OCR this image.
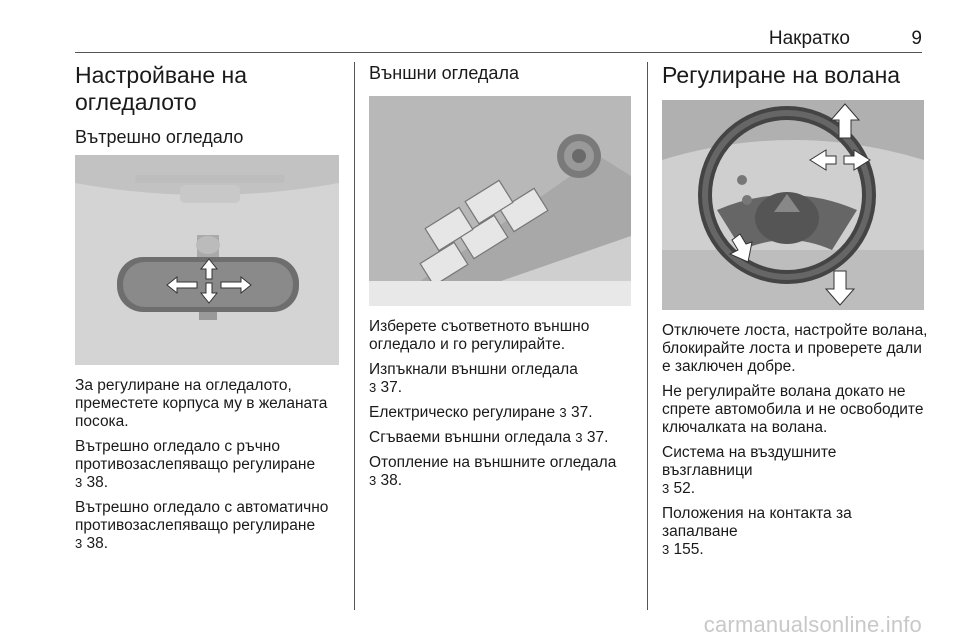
Накратко	9
Настройване на огледалото
Вътрешно огледало

За регулиране на огледалото, преместете корпуса му в желаната посока.

Вътрешно огледало с ръчно противозаслепяващо регулиране
3 38.

Вътрешно огледало с автоматично противозаслепяващо регулиране
3 38.

Външни огледала

Изберете съответното външно огледало и го регулирайте.

Изпъкнали външни огледала
3 37.

Електрическо регулиране 3 37.

Сгъваеми външни огледала 3 37.

Отопление на външните огледала
3 38.

Регулиране на волана

Отключете лоста, настройте волана, блокирайте лоста и проверете дали е заключен добре.

Не регулирайте волана докато не спрете автомобила и не освободите ключалката на волана.

Система на въздушните възглавници
3 52.

Положения на контакта за запалване
3 155.

carmanualsonline.info
